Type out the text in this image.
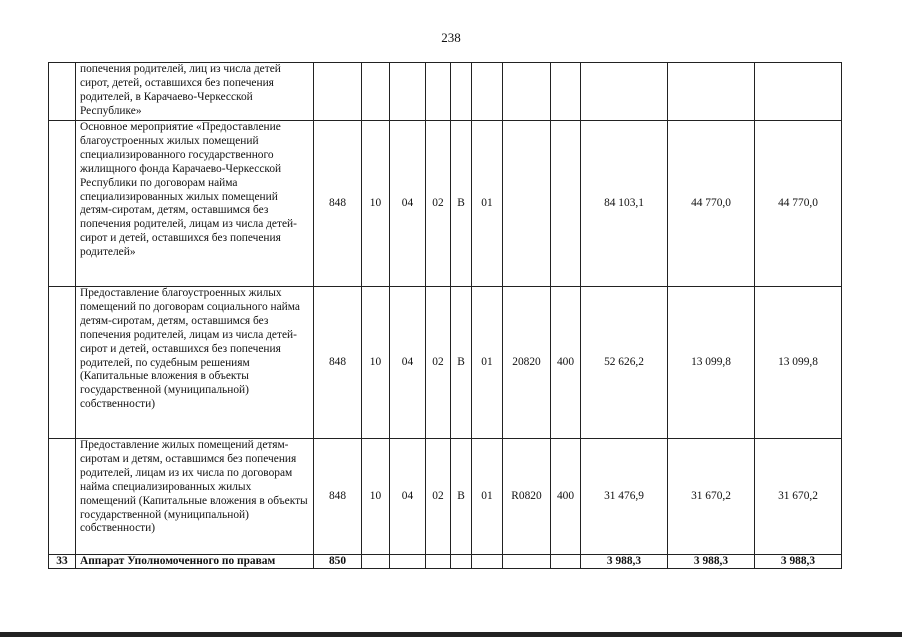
238
	попечения родителей, лиц из числа детей сирот, детей, оставшихся без попечения родителей, в Карачаево-Черкесской Республике»											
	Основное мероприятие «Предоставление благоустроенных жилых помещений специализированного государственного жилищного фонда Карачаево-Черкесской Республики по договорам найма специализированных жилых помещений детям-сиротам, детям, оставшимся без попечения родителей, лицам из числа детей-сирот и детей, оставшихся без попечения родителей»	848	10	04	02	В	01			84 103,1	44 770,0	44 770,0
	Предоставление благоустроенных жилых помещений по договорам социального найма детям-сиротам, детям, оставшимся без попечения родителей, лицам из числа детей-сирот и детей, оставшихся без попечения родителей, по судебным решениям (Капитальные вложения в объекты государственной (муниципальной) собственности)	848	10	04	02	В	01	20820	400	52 626,2	13 099,8	13 099,8
	Предоставление жилых помещений детям-сиротам и детям, оставшимся без попечения родителей, лицам из их числа по договорам найма специализированных жилых помещений (Капитальные вложения в объекты государственной (муниципальной) собственности)	848	10	04	02	В	01	R0820	400	31 476,9	31 670,2	31 670,2
33	Аппарат Уполномоченного по правам	850								3 988,3	3 988,3	3 988,3
